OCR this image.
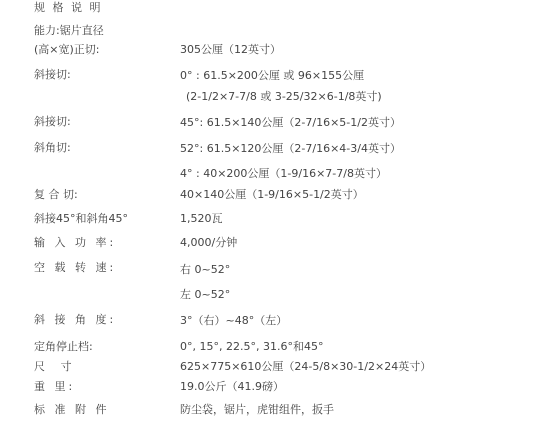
规 格 说 明
能力:锯片直径
(高×宽)正切:	305公厘（12英寸）
斜接切:	0° : 61.5×200公厘 或 96×155公厘
(2-1/2×7-7/8 或 3-25/32×6-1/8英寸)
斜接切:	45°: 61.5×140公厘（2-7/16×5-1/2英寸）
斜角切:	52°: 61.5×120公厘（2-7/16×4-3/4英寸）
4° : 40×200公厘（1-9/16×7-7/8英寸）
复 合 切:	40×140公厘（1-9/16×5-1/2英寸）
斜接45°和斜角45°	1,520瓦
输 入 功 率:	4,000/分钟
空 载 转 速:	右 0~52°
左 0~52°
斜 接 角 度:	3°（右）~48°（左）
定角停止档:	0°, 15°, 22.5°, 31.6°和45°
尺 寸	625×775×610公厘（24-5/8×30-1/2×24英寸）
重 里:	19.0公斤（41.9磅）
标 准 附 件	防尘袋，锯片，虎钳组件，扳手
